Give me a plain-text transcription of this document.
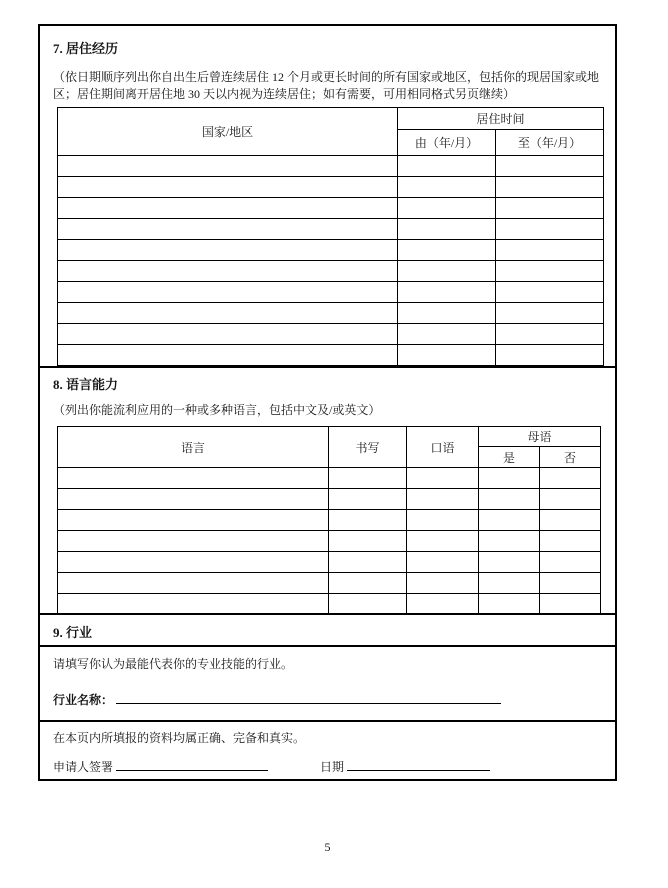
7. 居住经历
（依日期顺序列出你自出生后曾连续居住 12 个月或更长时间的所有国家或地区，包括你的现居国家或地区；居住期间离开居住地 30 天以内视为连续居住；如有需要，可用相同格式另页继续）
国家/地区	居住时间	
	由（年/月）	至（年/月）

8. 语言能力
（列出你能流利应用的一种或多种语言，包括中文及/或英文）
语言	书写	口语	母语	
			是	否

9. 行业
请填写你认为最能代表你的专业技能的行业。
行业名称：
在本页内所填报的资料均属正确、完备和真实。
申请人签署	日期
5
